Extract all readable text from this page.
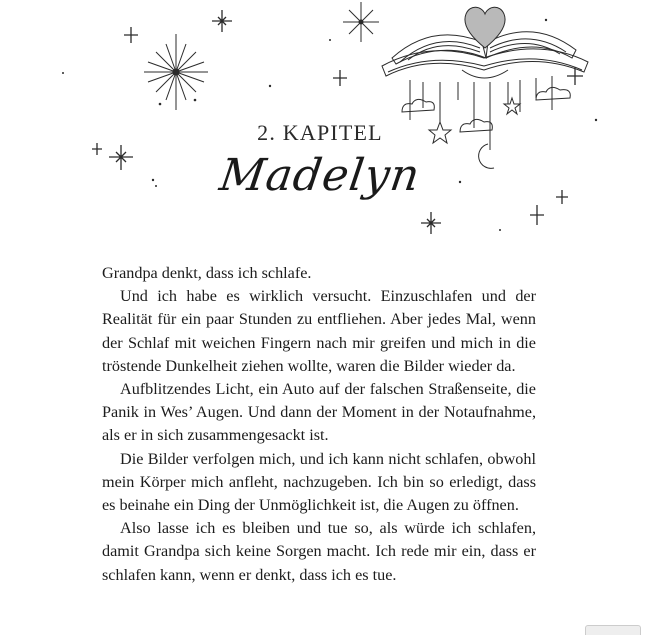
2. KAPITEL
Madelyn

Grandpa denkt, dass ich schlafe.

Und ich habe es wirklich versucht. Einzuschlafen und der Realität für ein paar Stunden zu entfliehen. Aber jedes Mal, wenn der Schlaf mit weichen Fingern nach mir greifen und mich in die tröstende Dunkelheit ziehen wollte, waren die Bilder wieder da.

Aufblitzendes Licht, ein Auto auf der falschen Straßenseite, die Panik in Wes’ Augen. Und dann der Moment in der Notaufnahme, als er in sich zusammengesackt ist.

Die Bilder verfolgen mich, und ich kann nicht schlafen, obwohl mein Körper mich anfleht, nachzugeben. Ich bin so erledigt, dass es beinahe ein Ding der Unmöglichkeit ist, die Augen zu öffnen.

Also lasse ich es bleiben und tue so, als würde ich schlafen, damit Grandpa sich keine Sorgen macht. Ich rede mir ein, dass er schlafen kann, wenn er denkt, dass ich es tue.
